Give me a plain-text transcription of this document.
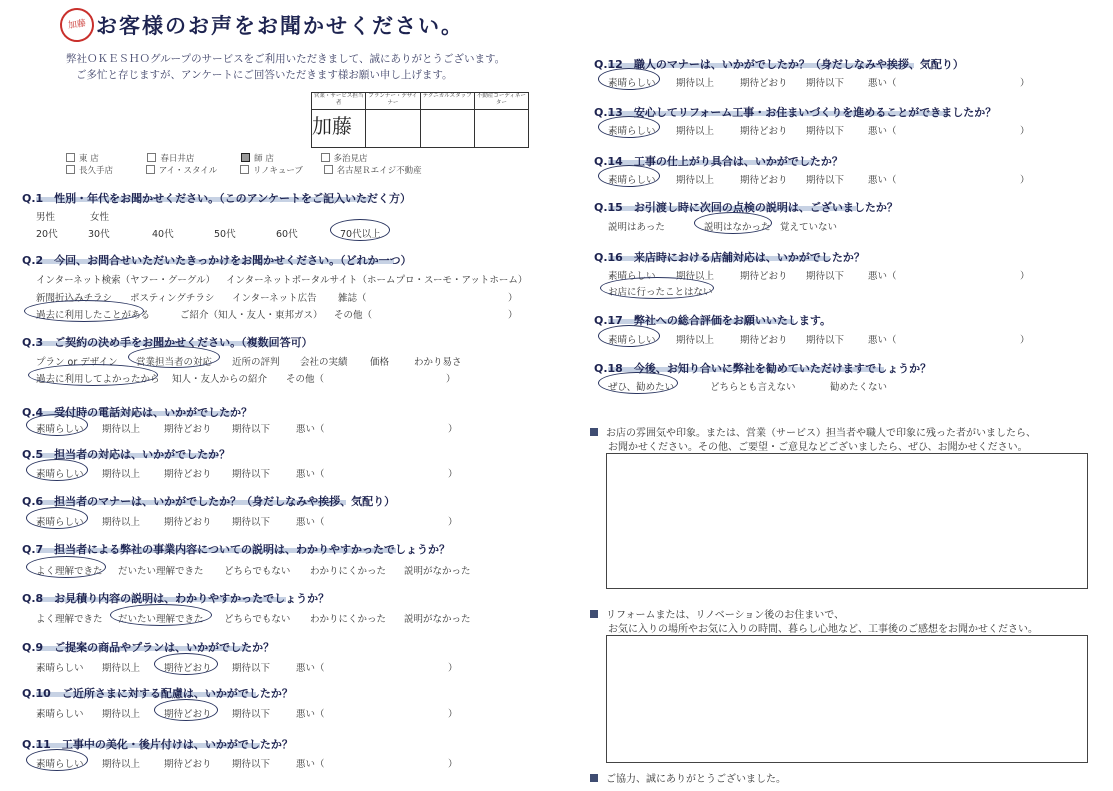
加藤 お客様のお声をお聞かせください。
弊社ＯＫＥＳＨＯグループのサービスをご利用いただきまして、誠にありがとうございます。
ご多忙と存じますが、アンケートにご回答いただきます様お願い申し上げます。
営業・サービス担当者	プランナー・デザイナー	テクニカルスタッフ	不動産コーディネーター
加藤			
東 店	春日井店	師 店	多治見店
長久手店	アイ・スタイル	リノキューブ	名古屋Ｒエイジ不動産
Q.1　性別・年代をお聞かせください。（このアンケートをご記入いただく方）
男性	女性
20代	30代	40代	50代	60代	70代以上
Q.2　今回、お問合せいただいたきっかけをお聞かせください。（どれか一つ）
インターネット検索（ヤフー・グーグル） インターネットポータルサイト（ホームプロ・スーモ・アットホーム）
新聞折込みチラシ ポスティングチラシ インターネット広告 雑誌（	）
過去に利用したことがある	ご紹介（知人・友人・東邦ガス） その他（	）
Q.3　ご契約の決め手をお聞かせください。（複数回答可）
プラン or デザイン 営業担当者の対応 近所の評判 会社の実績 価格	わかり易さ
過去に利用してよかったから 知人・友人からの紹介 その他（	）
Q.4　受付時の電話対応は、いかがでしたか？
素晴らしい 期待以上	期待どおり 期待以下	悪い（	）
Q.5　担当者の対応は、いかがでしたか？
素晴らしい 期待以上	期待どおり 期待以下	悪い（	）
Q.6　担当者のマナーは、いかがでしたか？（身だしなみや挨拶、気配り）
素晴らしい 期待以上	期待どおり 期待以下	悪い（	）
Q.7　担当者による弊社の事業内容についての説明は、わかりやすかったでしょうか？
よく理解できた だいたい理解できた どちらでもない わかりにくかった 説明がなかった
Q.8　お見積り内容の説明は、わかりやすかったでしょうか？
よく理解できた だいたい理解できた どちらでもない わかりにくかった 説明がなかった
Q.9　ご提案の商品やプランは、いかがでしたか？
素晴らしい 期待以上	期待どおり 期待以下	悪い（	）
Q.10　ご近所さまに対する配慮は、いかがでしたか？
素晴らしい 期待以上	期待どおり 期待以下	悪い（	）
Q.11　工事中の美化・後片付けは、いかがでしたか？
素晴らしい 期待以上	期待どおり 期待以下	悪い（	）
Q.12　職人のマナーは、いかがでしたか？（身だしなみや挨拶、気配り）
素晴らしい 期待以上	期待どおり 期待以下	悪い（	）
Q.13　安心してリフォーム工事・お住まいづくりを進めることができましたか？
素晴らしい 期待以上	期待どおり 期待以下	悪い（	）
Q.14　工事の仕上がり具合は、いかがでしたか？
素晴らしい 期待以上	期待どおり 期待以下	悪い（	）
Q.15　お引渡し時に次回の点検の説明は、ございましたか？
説明はあった	説明はなかった 覚えていない
Q.16　来店時における店舗対応は、いかがでしたか？
素晴らしい 期待以上	期待どおり 期待以下	悪い（	）
お店に行ったことはない
Q.17　弊社への総合評価をお願いいたします。
素晴らしい 期待以上	期待どおり 期待以下	悪い（	）
Q.18　今後、お知り合いに弊社を勧めていただけますでしょうか？
ぜひ、勧めたい	どちらとも言えない	勧めたくない
お店の雰囲気や印象。または、営業（サービス）担当者や職人で印象に残った者がいましたら、
お聞かせください。その他、ご要望・ご意見などございましたら、ぜひ、お聞かせください。
リフォームまたは、リノベーション後のお住まいで、
お気に入りの場所やお気に入りの時間、暮らし心地など、工事後のご感想をお聞かせください。
ご協力、誠にありがとうございました。
